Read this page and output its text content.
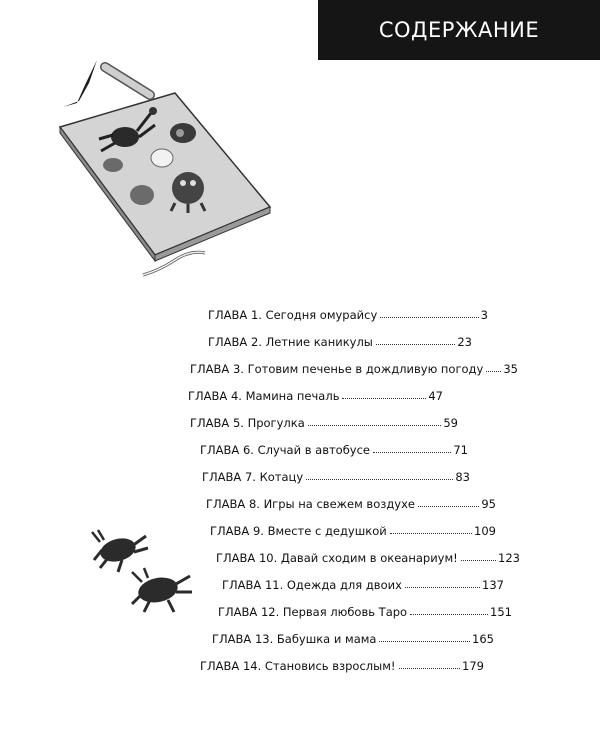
СОДЕРЖАНИЕ
ГЛАВА 1. Сегодня омурайсу	3
ГЛАВА 2. Летние каникулы	23
ГЛАВА 3. Готовим печенье в дождливую погоду 35
ГЛАВА 4. Мамина печаль	47
ГЛАВА 5. Прогулка	59
ГЛАВА 6. Случай в автобусе	71
ГЛАВА 7. Котацу	83
ГЛАВА 8. Игры на свежем воздухе	95
ГЛАВА 9. Вместе с дедушкой	109
ГЛАВА 10. Давай сходим в океанариум!	123
ГЛАВА 11. Одежда для двоих	137
ГЛАВА 12. Первая любовь Таро	151
ГЛАВА 13. Бабушка и мама	165
ГЛАВА 14. Становись взрослым!	179
